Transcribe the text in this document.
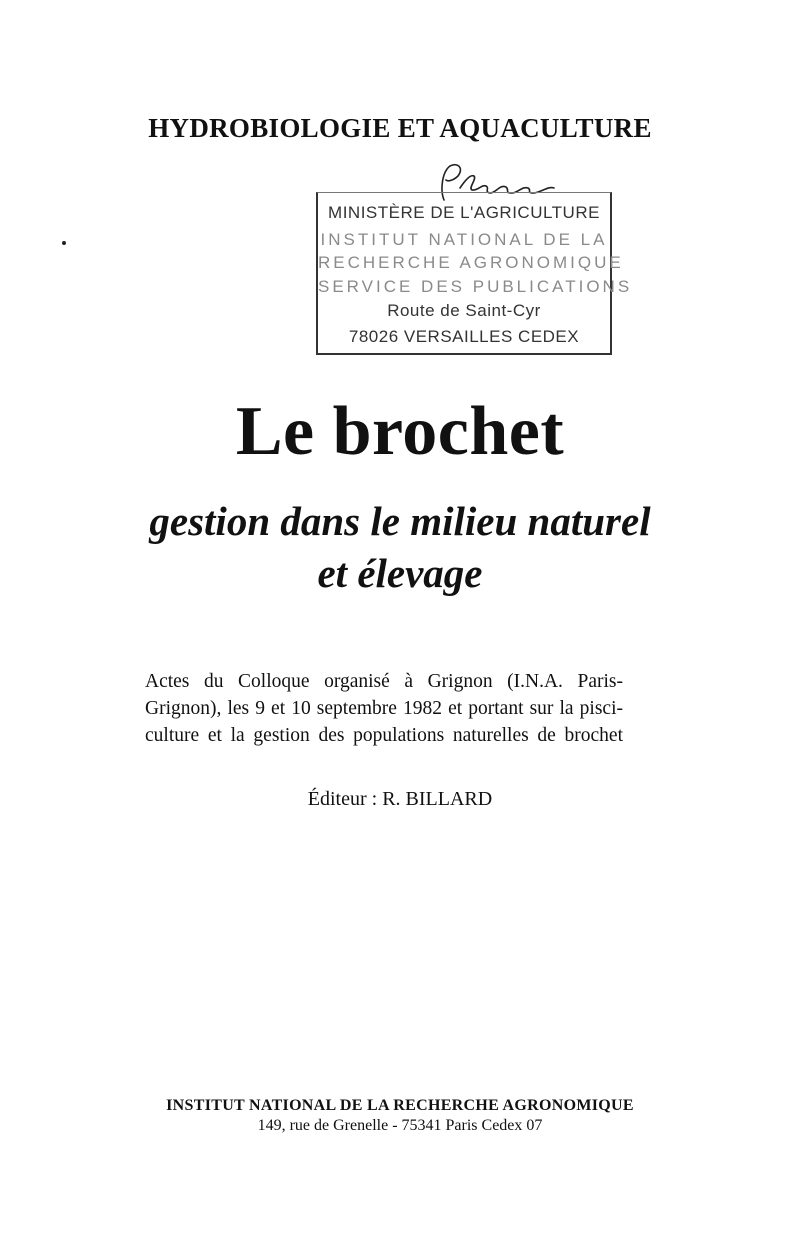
HYDROBIOLOGIE ET AQUACULTURE
MINISTÈRE DE L'AGRICULTURE
INSTITUT NATIONAL DE LA
RECHERCHE AGRONOMIQUE
SERVICE DES PUBLICATIONS
Route de Saint-Cyr
78026 VERSAILLES CEDEX
Le brochet
gestion dans le milieu naturel
et élevage
Actes du Colloque organisé à Grignon (I.N.A. Paris-
Grignon), les 9 et 10 septembre 1982 et portant sur la pisci-
culture et la gestion des populations naturelles de brochet
Éditeur : R. BILLARD
INSTITUT NATIONAL DE LA RECHERCHE AGRONOMIQUE
149, rue de Grenelle - 75341 Paris Cedex 07
